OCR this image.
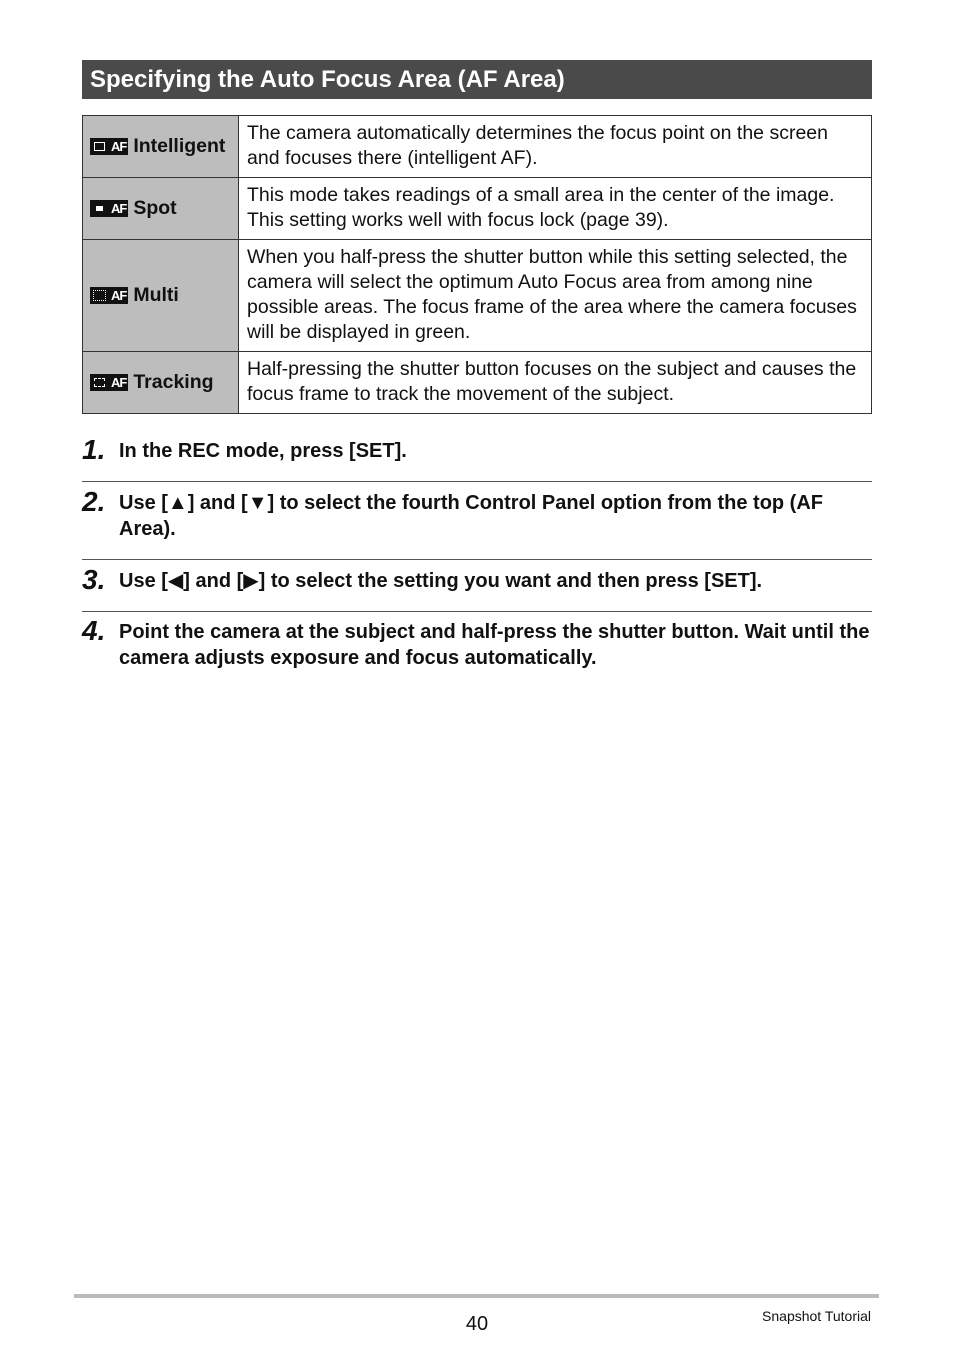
Specifying the Auto Focus Area (AF Area)
AF Intelligent	The camera automatically determines the focus point on the screen and focuses there (intelligent AF).

AF Spot	This mode takes readings of a small area in the center of the image. This setting works well with focus lock (page 39).

AF Multi	When you half-press the shutter button while this setting selected, the camera will select the optimum Auto Focus area from among nine possible areas. The focus frame of the area where the camera focuses will be displayed in green.

AF Tracking	Half-pressing the shutter button focuses on the subject and causes the focus frame to track the movement of the subject.
1. In the REC mode, press [SET].
2. Use [▲] and [▼] to select the fourth Control Panel option from the top (AF Area).
3. Use [◀] and [▶] to select the setting you want and then press [SET].
4. Point the camera at the subject and half-press the shutter button. Wait until the camera adjusts exposure and focus automatically.
40	Snapshot Tutorial
